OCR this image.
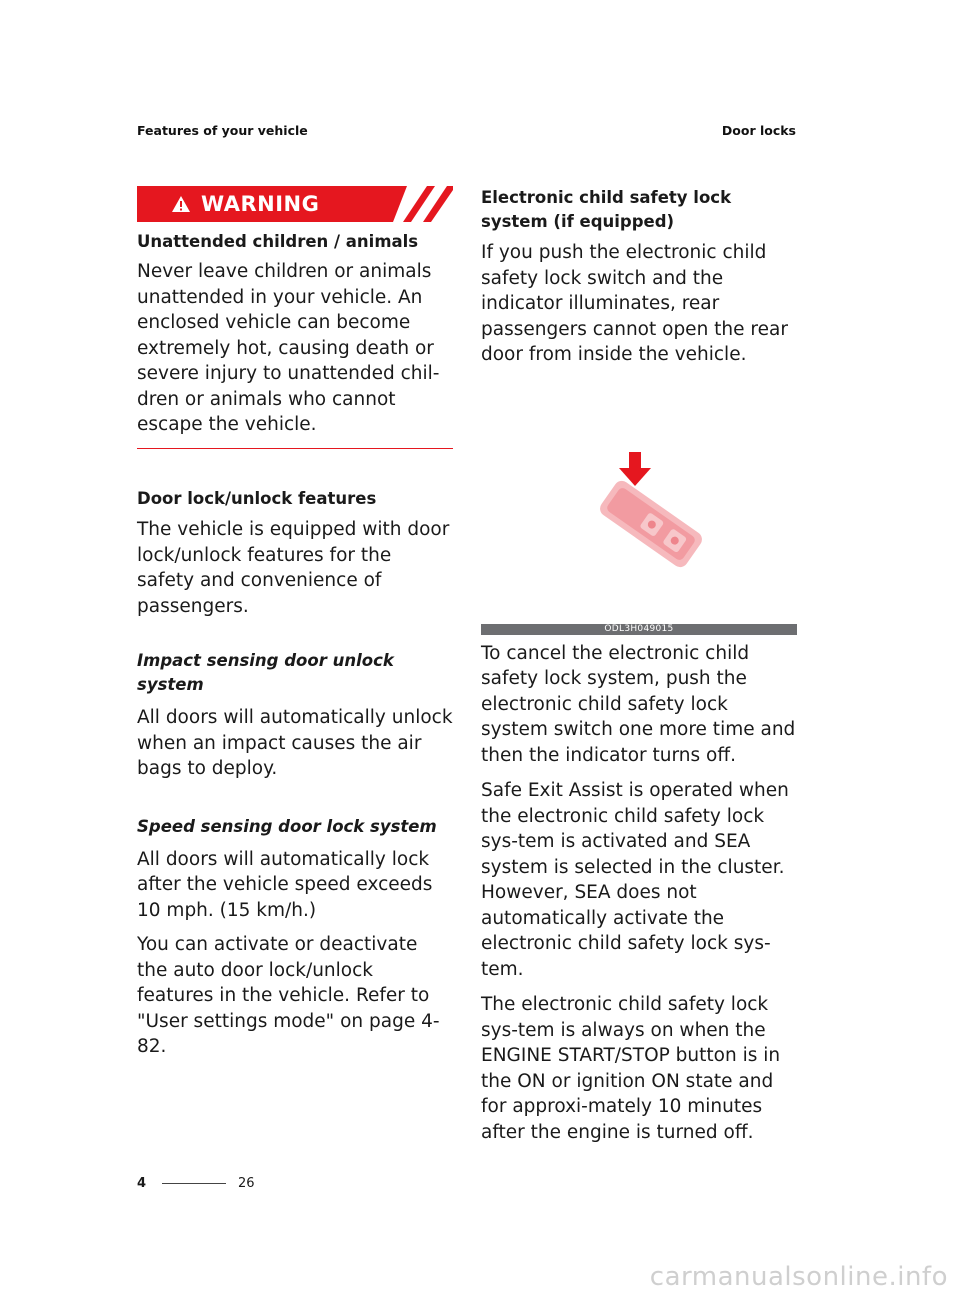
Features of your vehicle	Door locks
WARNING
Unattended children / animals

Never leave children or animals unattended in your vehicle. An enclosed vehicle can become extremely hot, causing death or severe injury to unattended chil-dren or animals who cannot escape the vehicle.

Door lock/unlock features

The vehicle is equipped with door lock/unlock features for the safety and convenience of passengers.

Impact sensing door unlock system

All doors will automatically unlock when an impact causes the air bags to deploy.

Speed sensing door lock system

All doors will automatically lock after the vehicle speed exceeds 10 mph. (15 km/h.)

You can activate or deactivate the auto door lock/unlock features in the vehicle. Refer to "User settings mode" on page 4-82.

Electronic child safety lock system (if equipped)

If you push the electronic child safety lock switch and the indicator illuminates, rear passengers cannot open the rear door from inside the vehicle.

ODL3H049015

To cancel the electronic child safety lock system, push the electronic child safety lock system switch one more time and then the indicator turns off.

Safe Exit Assist is operated when the electronic child safety lock sys-tem is activated and SEA system is selected in the cluster. However, SEA does not automatically activate the electronic child safety lock sys-tem.

The electronic child safety lock sys-tem is always on when the ENGINE START/STOP button is in the ON or ignition ON state and for approxi-mately 10 minutes after the engine is turned off.

4	26
carmanualsonline.info
